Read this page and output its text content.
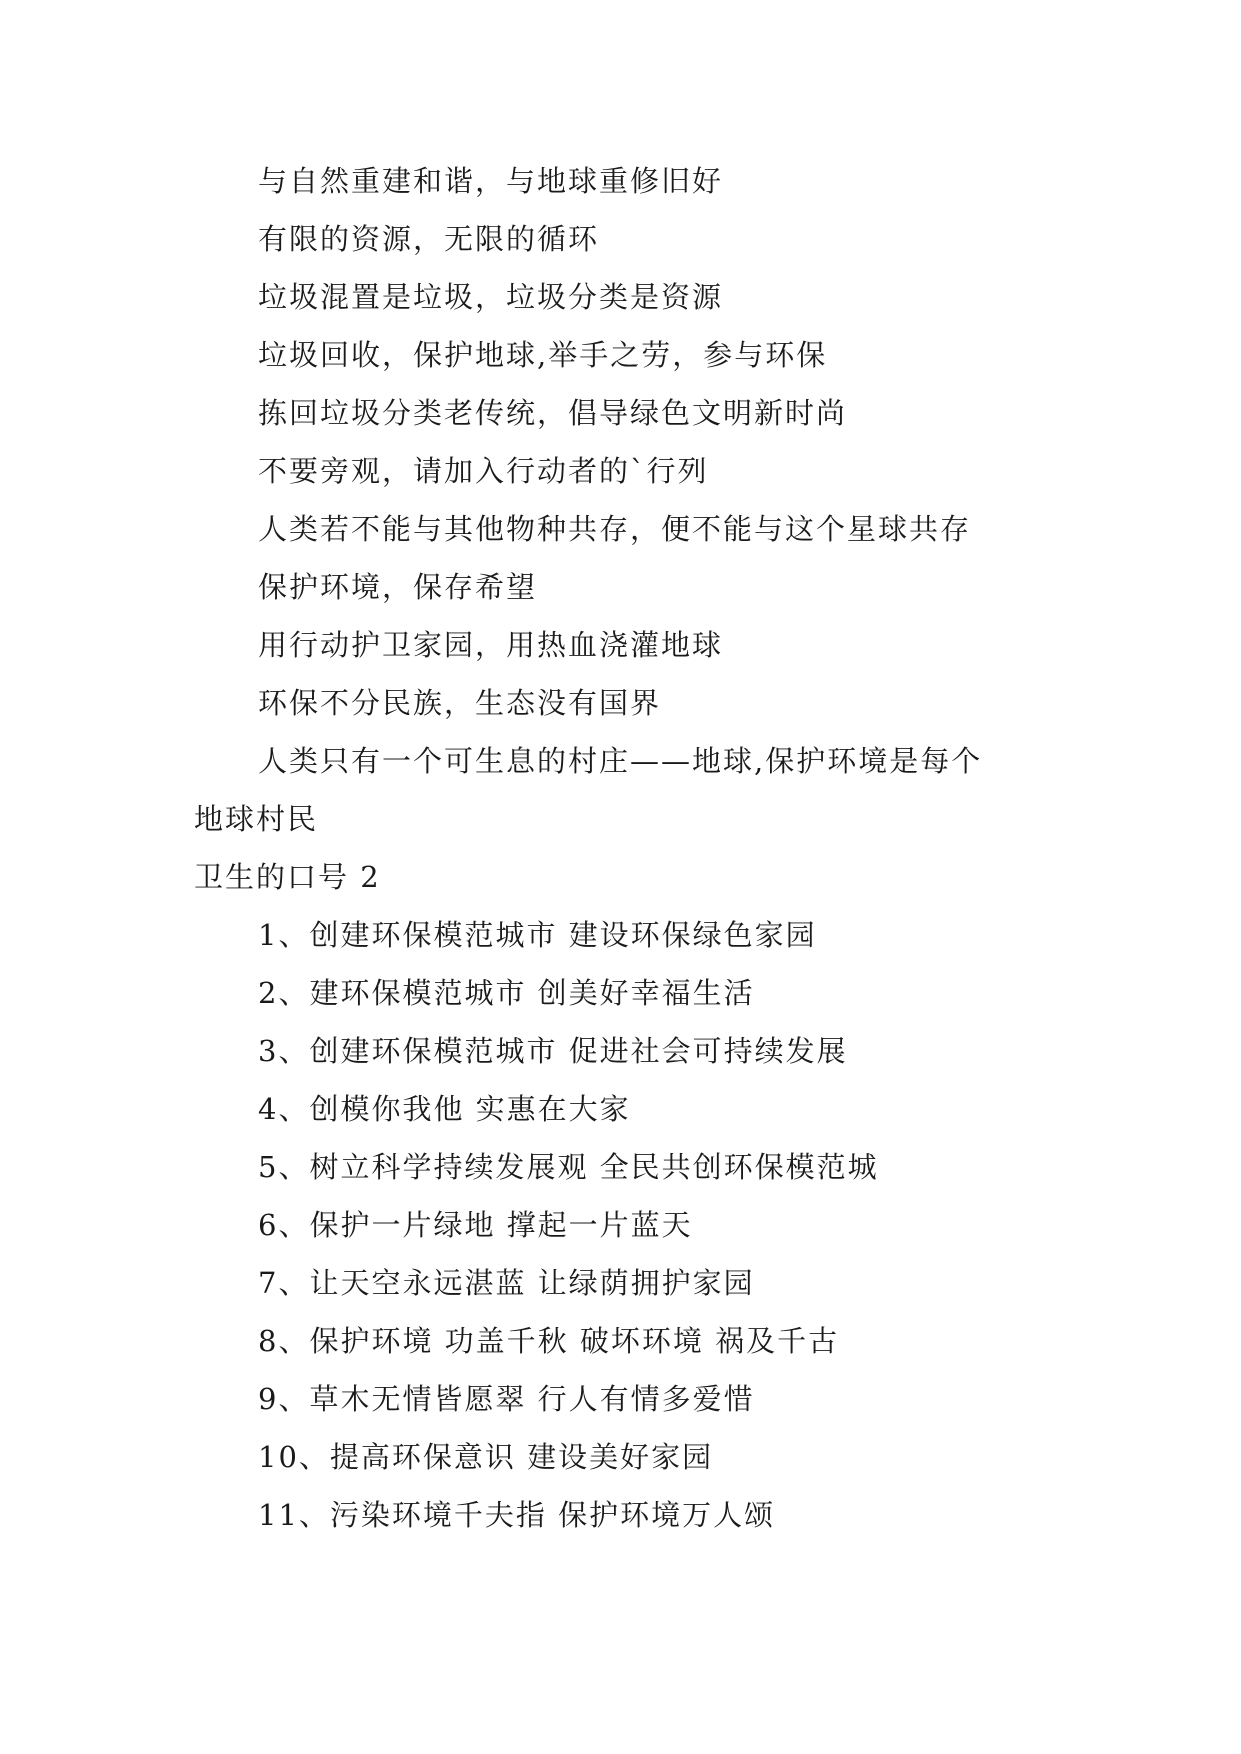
与自然重建和谐，与地球重修旧好
有限的资源，无限的循环
垃圾混置是垃圾，垃圾分类是资源
垃圾回收，保护地球,举手之劳，参与环保
拣回垃圾分类老传统，倡导绿色文明新时尚
不要旁观，请加入行动者的`行列
人类若不能与其他物种共存，便不能与这个星球共存
保护环境，保存希望
用行动护卫家园，用热血浇灌地球
环保不分民族，生态没有国界
人类只有一个可生息的村庄——地球,保护环境是每个
地球村民
卫生的口号 2
1、创建环保模范城市 建设环保绿色家园
2、建环保模范城市 创美好幸福生活
3、创建环保模范城市 促进社会可持续发展
4、创模你我他 实惠在大家
5、树立科学持续发展观 全民共创环保模范城
6、保护一片绿地 撑起一片蓝天
7、让天空永远湛蓝 让绿荫拥护家园
8、保护环境 功盖千秋 破坏环境 祸及千古
9、草木无情皆愿翠 行人有情多爱惜
10、提高环保意识 建设美好家园
11、污染环境千夫指 保护环境万人颂
